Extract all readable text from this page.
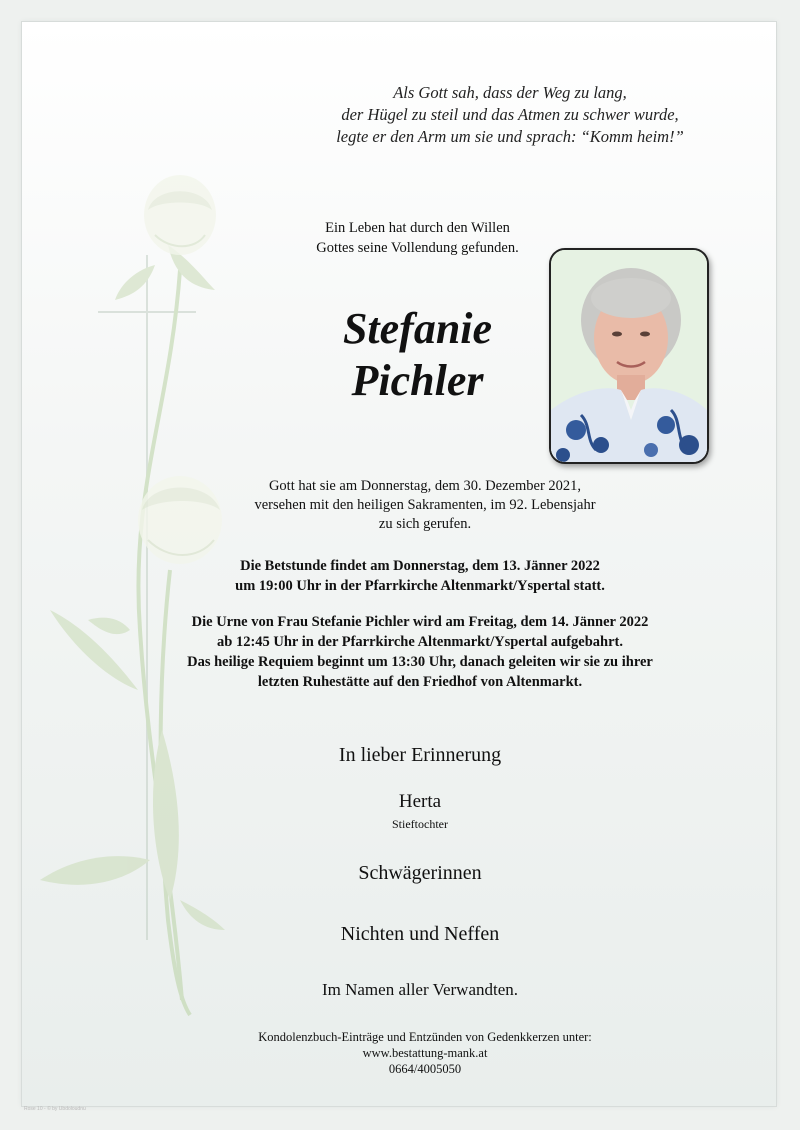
Als Gott sah, dass der Weg zu lang,
der Hügel zu steil und das Atmen zu schwer wurde,
legte er den Arm um sie und sprach: “Komm heim!”
Ein Leben hat durch den Willen
Gottes seine Vollendung gefunden.
Stefanie
Pichler
Gott hat sie am Donnerstag, dem 30. Dezember 2021,
versehen mit den heiligen Sakramenten, im 92. Lebensjahr
zu sich gerufen.
Die Betstunde findet am Donnerstag, dem 13. Jänner 2022
um 19:00 Uhr in der Pfarrkirche Altenmarkt/Yspertal statt.
Die Urne von Frau Stefanie Pichler wird am Freitag, dem 14. Jänner 2022
ab 12:45 Uhr in der Pfarrkirche Altenmarkt/Yspertal aufgebahrt.
Das heilige Requiem beginnt um 13:30 Uhr, danach geleiten wir sie zu ihrer
letzten Ruhestätte auf den Friedhof von Altenmarkt.
In lieber Erinnerung
Herta
Stieftochter
Schwägerinnen
Nichten und Neffen
Im Namen aller Verwandten.
Kondolenzbuch-Einträge und Entzünden von Gedenkkerzen unter:
www.bestattung-mank.at
0664/4005050
Rose 10 - © by Ubdoloudnu
